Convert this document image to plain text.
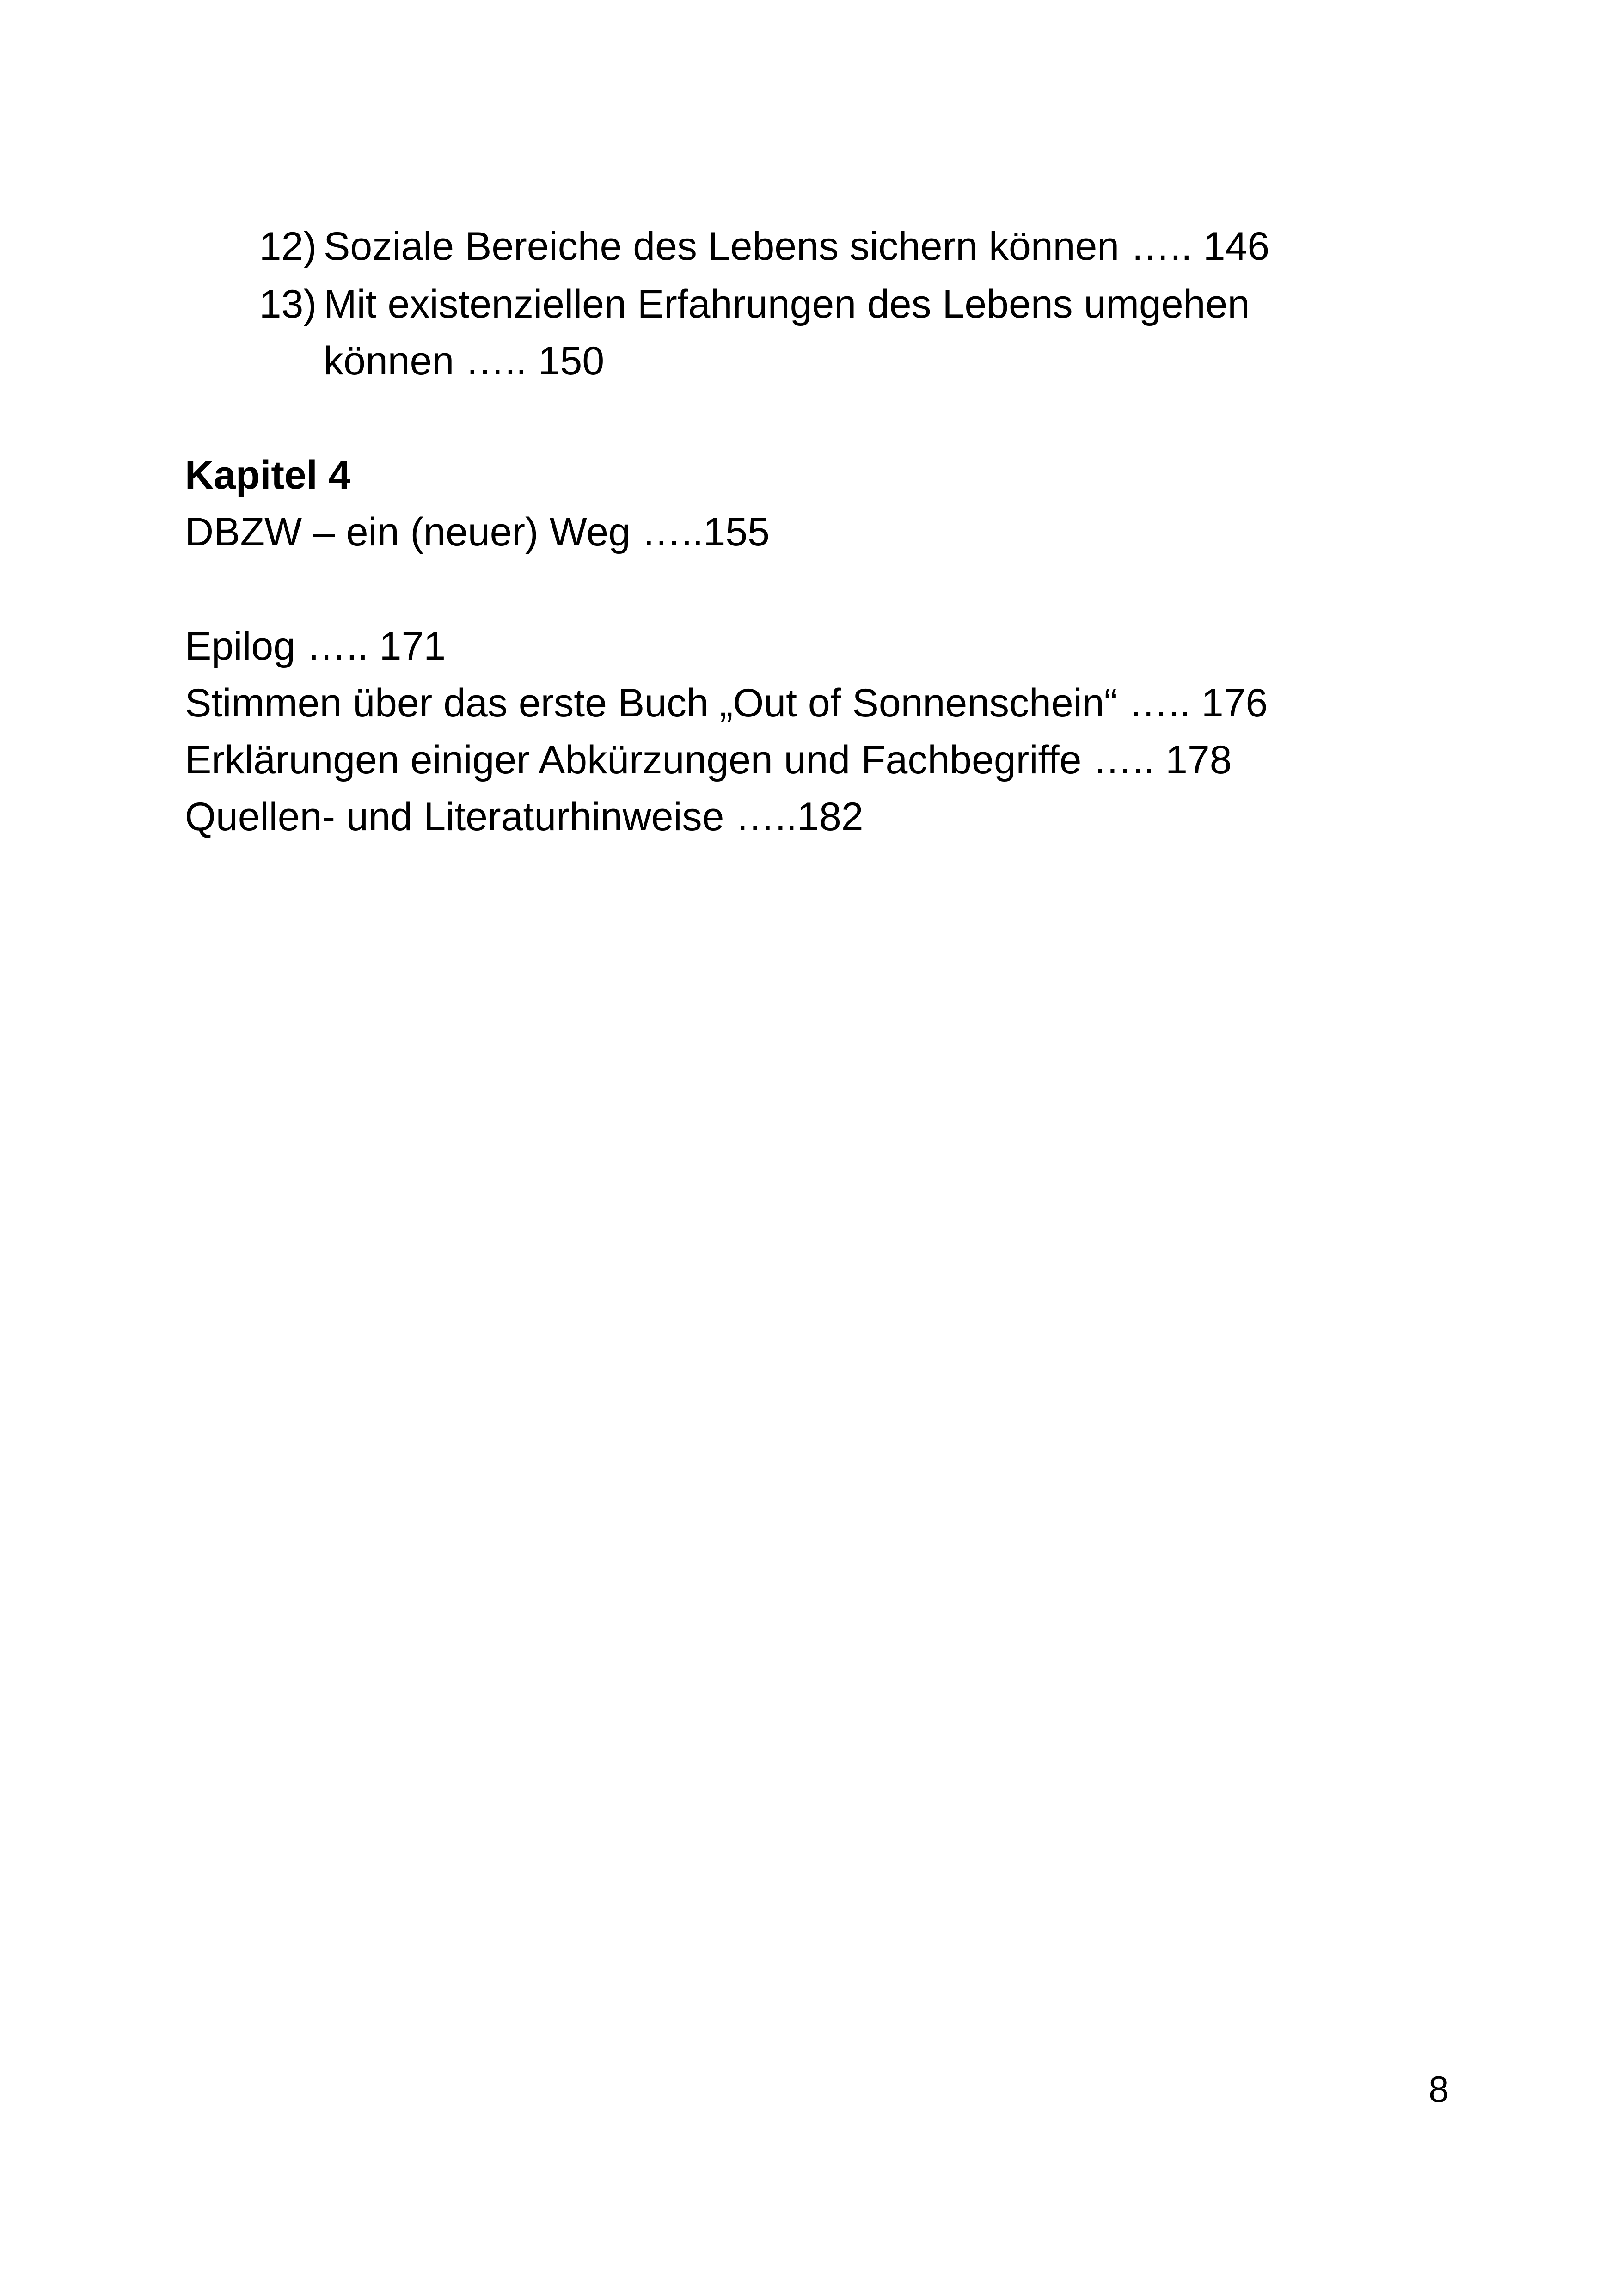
12) Soziale Bereiche des Lebens sichern können ….. 146
13) Mit existenziellen Erfahrungen des Lebens umgehen
können ….. 150
Kapitel 4
DBZW – ein (neuer) Weg …..155
Epilog ….. 171
Stimmen über das erste Buch „Out of Sonnenschein“ ….. 176
Erklärungen einiger Abkürzungen und Fachbegriffe ….. 178
Quellen- und Literaturhinweise …..182
8
